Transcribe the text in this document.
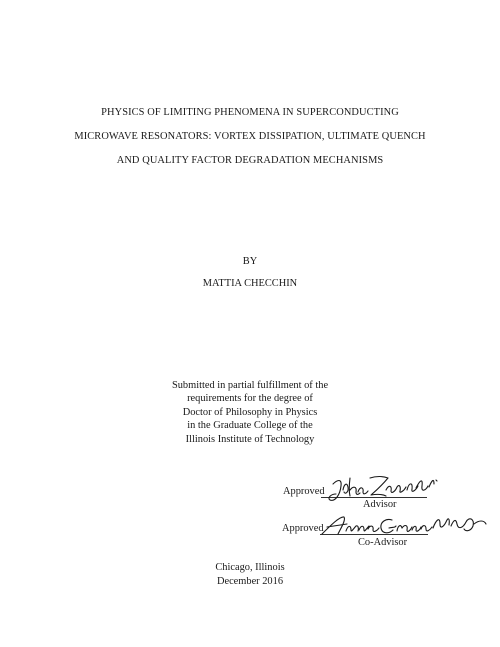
PHYSICS OF LIMITING PHENOMENA IN SUPERCONDUCTING
MICROWAVE RESONATORS: VORTEX DISSIPATION, ULTIMATE QUENCH
AND QUALITY FACTOR DEGRADATION MECHANISMS
BY
MATTIA CHECCHIN
Submitted in partial fulfillment of the
requirements for the degree of
Doctor of Philosophy in Physics
in the Graduate College of the
Illinois Institute of Technology
Approved
Advisor
Approved
Co-Advisor
Chicago, Illinois
December 2016
